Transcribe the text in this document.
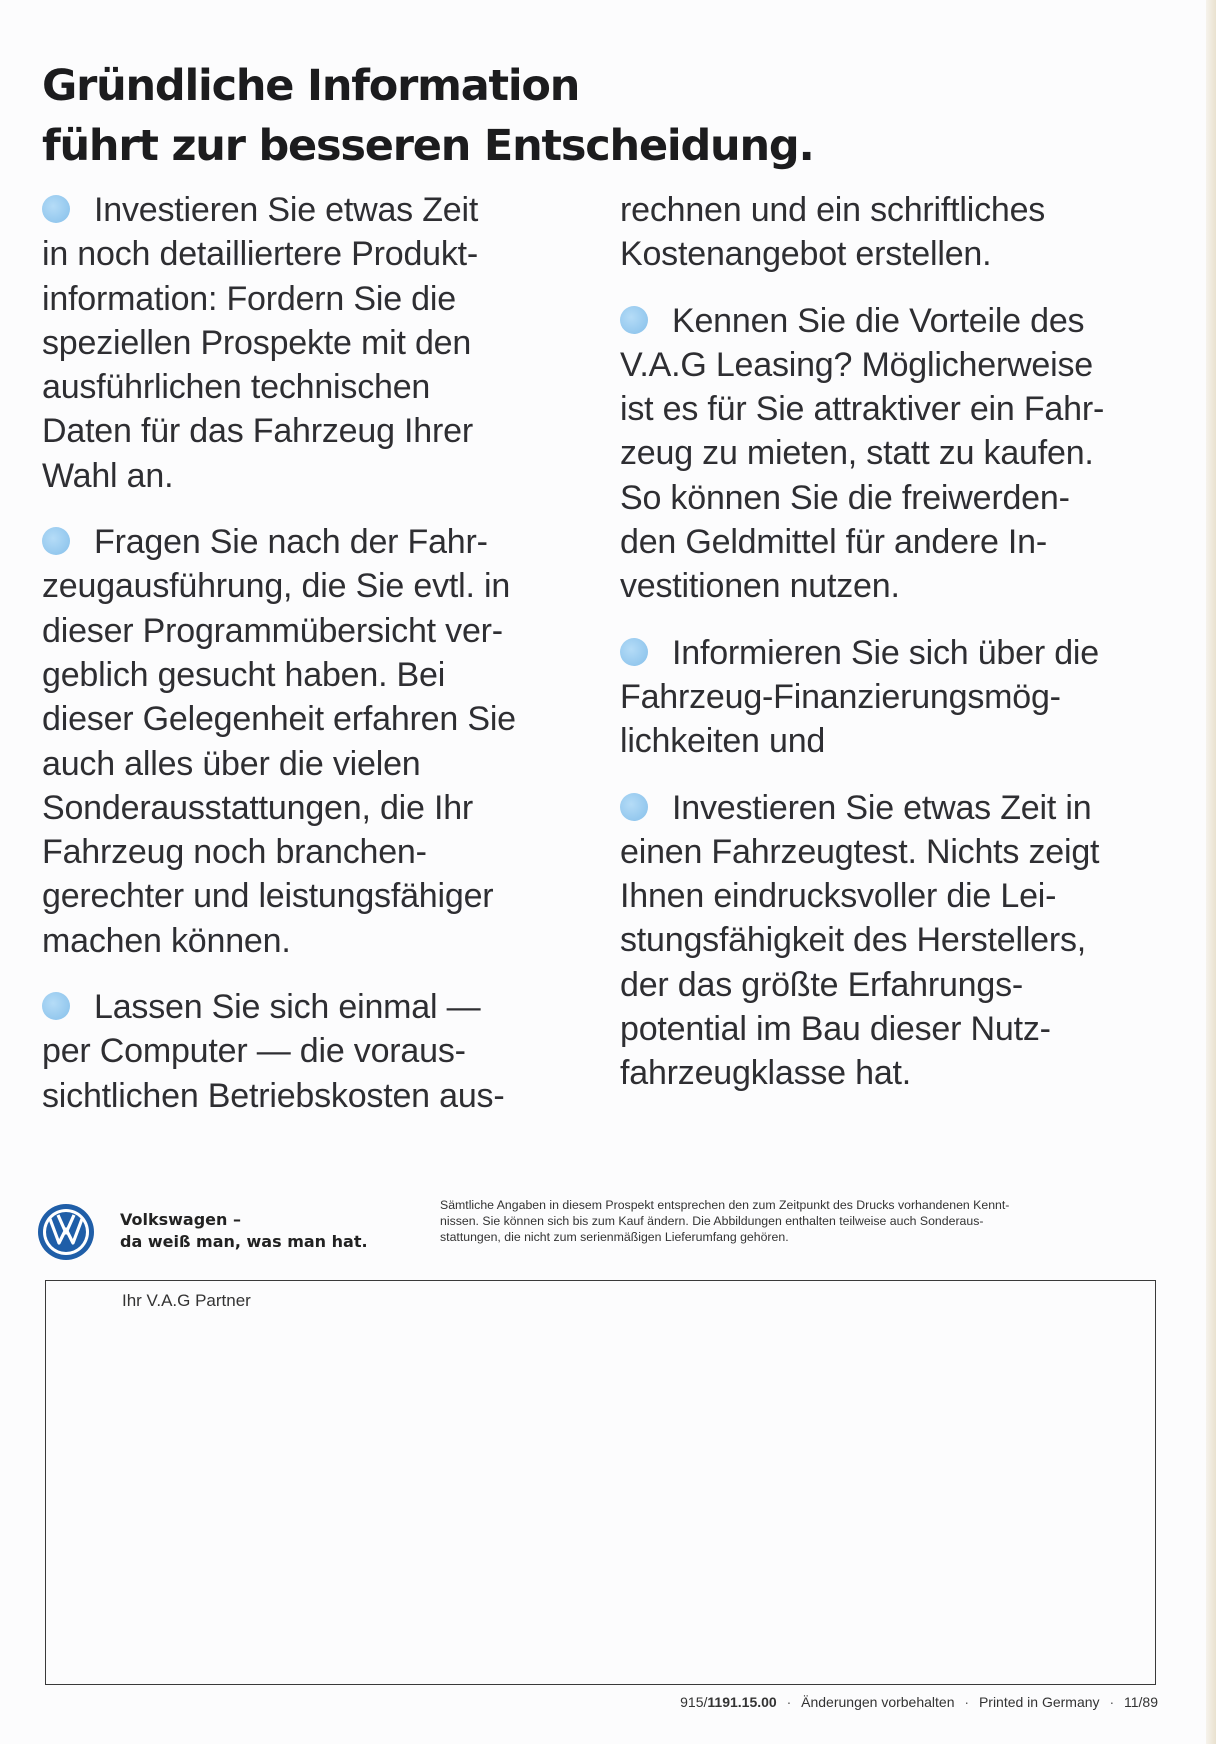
Gründliche Information
führt zur besseren Entscheidung.
Investieren Sie etwas Zeit
in noch detailliertere Produkt-
information: Fordern Sie die
speziellen Prospekte mit den
ausführlichen technischen
Daten für das Fahrzeug Ihrer
Wahl an.
Fragen Sie nach der Fahr-
zeugausführung, die Sie evtl. in
dieser Programmübersicht ver-
geblich gesucht haben. Bei
dieser Gelegenheit erfahren Sie
auch alles über die vielen
Sonderausstattungen, die Ihr
Fahrzeug noch branchen-
gerechter und leistungsfähiger
machen können.
Lassen Sie sich einmal —
per Computer — die voraus-
sichtlichen Betriebskosten aus-
rechnen und ein schriftliches
Kostenangebot erstellen.
Kennen Sie die Vorteile des
V.A.G Leasing? Möglicherweise
ist es für Sie attraktiver ein Fahr-
zeug zu mieten, statt zu kaufen.
So können Sie die freiwerden-
den Geldmittel für andere In-
vestitionen nutzen.
Informieren Sie sich über die
Fahrzeug-Finanzierungsmög-
lichkeiten und
Investieren Sie etwas Zeit in
einen Fahrzeugtest. Nichts zeigt
Ihnen eindrucksvoller die Lei-
stungsfähigkeit des Herstellers,
der das größte Erfahrungs-
potential im Bau dieser Nutz-
fahrzeugklasse hat.
Volkswagen –
da weiß man, was man hat.
Sämtliche Angaben in diesem Prospekt entsprechen den zum Zeitpunkt des Drucks vorhandenen Kennt-
nissen. Sie können sich bis zum Kauf ändern. Die Abbildungen enthalten teilweise auch Sonderaus-
stattungen, die nicht zum serienmäßigen Lieferumfang gehören.
Ihr V.A.G Partner
915/1191.15.00 · Änderungen vorbehalten · Printed in Germany · 11/89
